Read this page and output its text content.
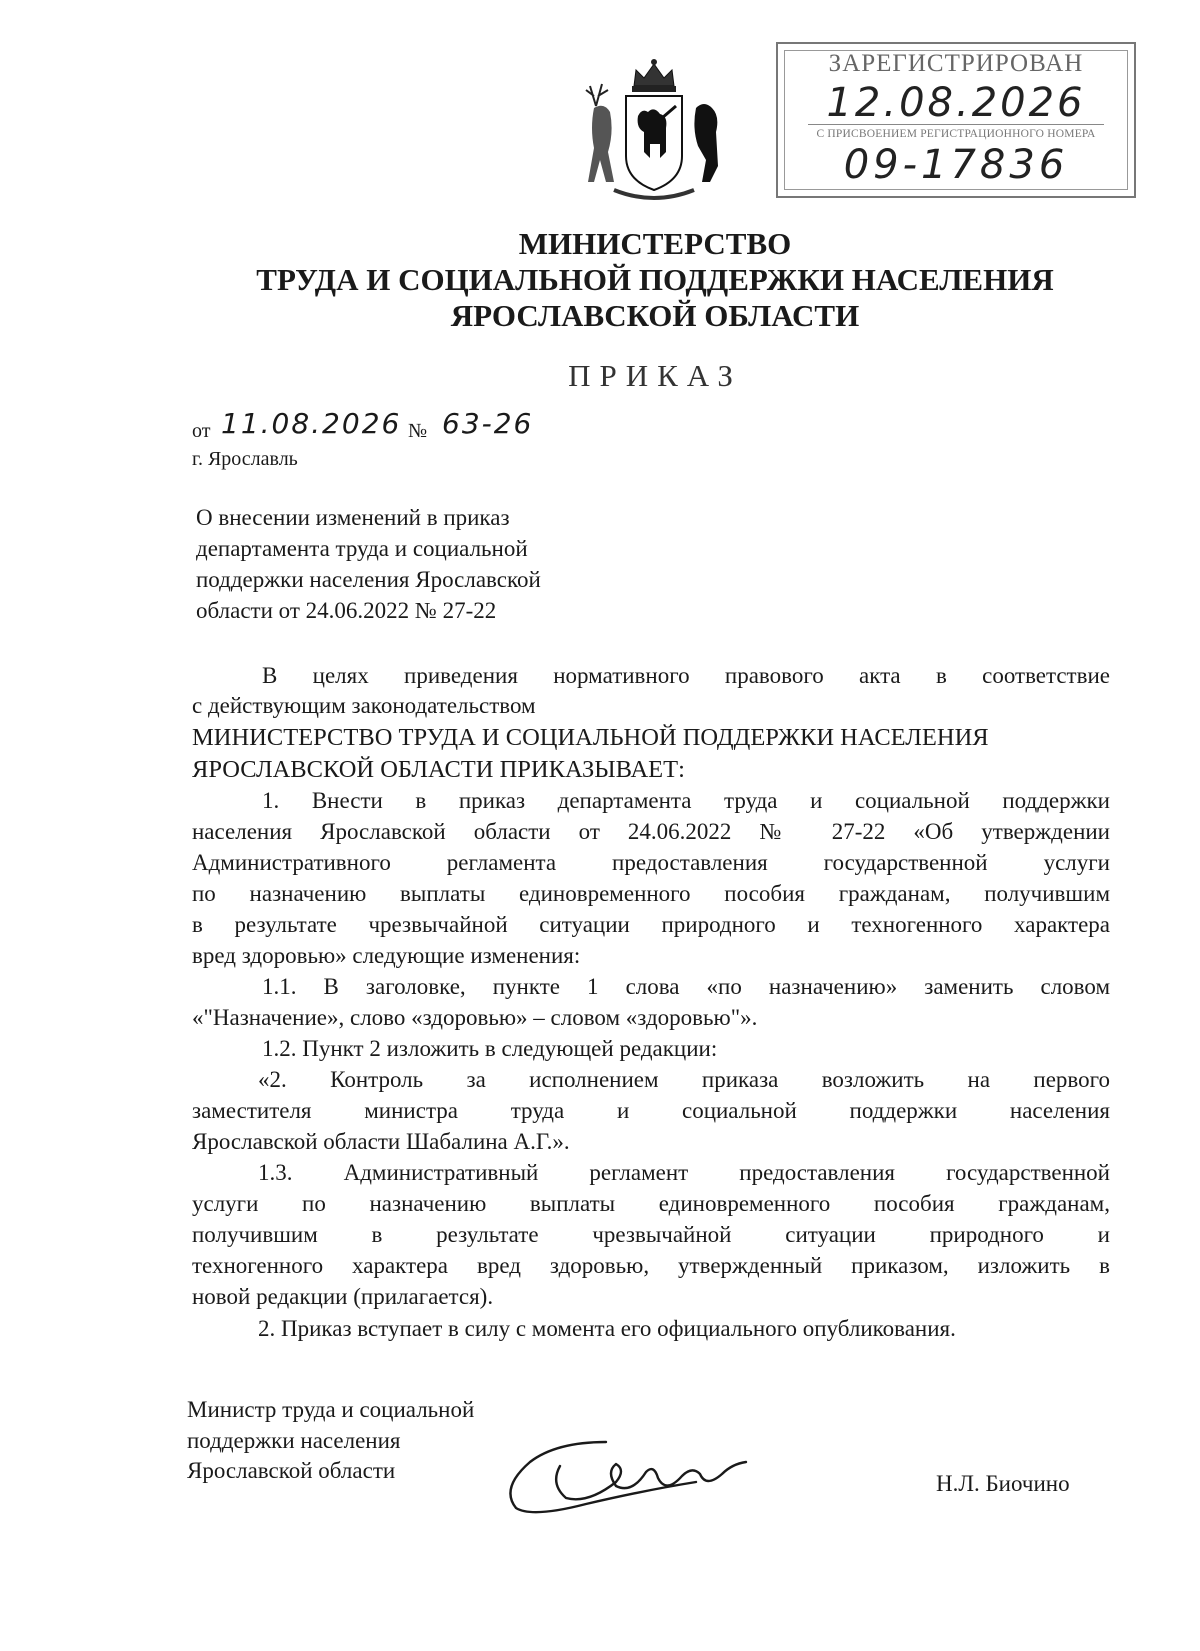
ЗАРЕГИСТРИРОВАН
12.08.2026
С ПРИСВОЕНИЕМ РЕГИСТРАЦИОННОГО НОМЕРА
09-17836
МИНИСТЕРСТВО
ТРУДА И СОЦИАЛЬНОЙ ПОДДЕРЖКИ НАСЕЛЕНИЯ
ЯРОСЛАВСКОЙ ОБЛАСТИ
ПРИКАЗ
от 11.08.2026 № 63-26
г. Ярославль
О внесении изменений в приказ
департамента труда и социальной
поддержки населения Ярославской
области от 24.06.2022 № 27-22
В целях приведения нормативного правового акта в соответствие
с действующим законодательством
МИНИСТЕРСТВО ТРУДА И СОЦИАЛЬНОЙ ПОДДЕРЖКИ НАСЕЛЕНИЯ
ЯРОСЛАВСКОЙ ОБЛАСТИ ПРИКАЗЫВАЕТ:
1. Внести в приказ департамента труда и социальной поддержки
населения Ярославской области от 24.06.2022 № 27-22 «Об утверждении
Административного регламента предоставления государственной услуги
по назначению выплаты единовременного пособия гражданам, получившим
в результате чрезвычайной ситуации природного и техногенного характера
вред здоровью» следующие изменения:
1.1. В заголовке, пункте 1 слова «по назначению» заменить словом
«"Назначение», слово «здоровью» – словом «здоровью"».
1.2. Пункт 2 изложить в следующей редакции:
«2. Контроль за исполнением приказа возложить на первого
заместителя министра труда и социальной поддержки населения
Ярославской области Шабалина А.Г.».
1.3. Административный регламент предоставления государственной
услуги по назначению выплаты единовременного пособия гражданам,
получившим в результате чрезвычайной ситуации природного и
техногенного характера вред здоровью, утвержденный приказом, изложить в
новой редакции (прилагается).
2. Приказ вступает в силу с момента его официального опубликования.
Министр труда и социальной
поддержки населения
Ярославской области
Н.Л. Биочино
